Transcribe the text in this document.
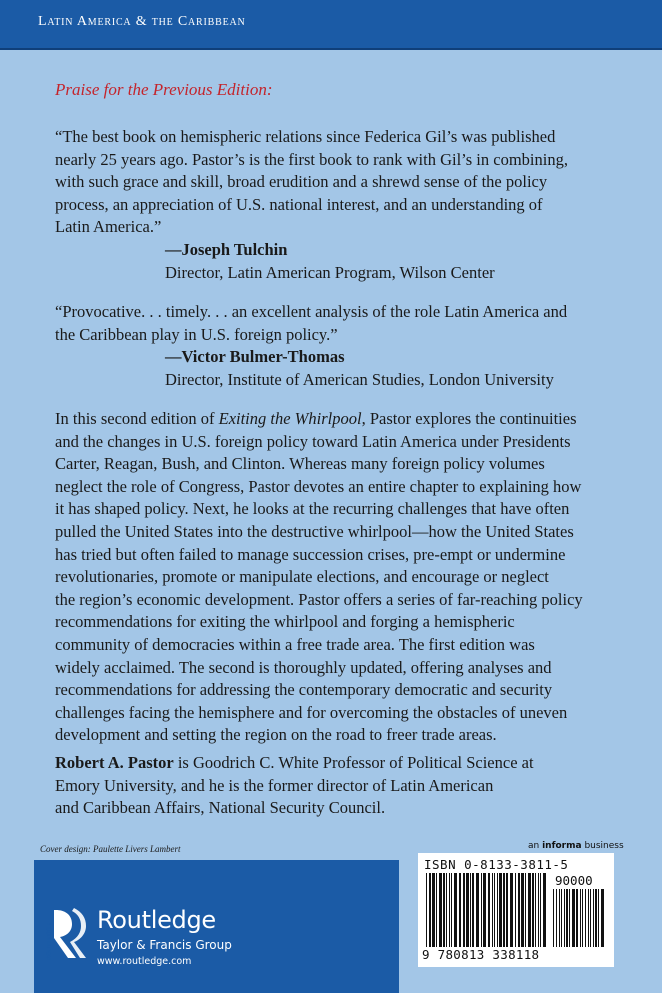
Latin America & the Caribbean
Praise for the Previous Edition:

“The best book on hemispheric relations since Federica Gil’s was published

nearly 25 years ago. Pastor’s is the first book to rank with Gil’s in combining,

with such grace and skill, broad erudition and a shrewd sense of the policy

process, an appreciation of U.S. national interest, and an understanding of

Latin America.”

—Joseph Tulchin
Director, Latin American Program, Wilson Center

“Provocative. . . timely. . . an excellent analysis of the role Latin America and

the Caribbean play in U.S. foreign policy.”

—Victor Bulmer-Thomas
Director, Institute of American Studies, London University

In this second edition of Exiting the Whirlpool, Pastor explores the continuities

and the changes in U.S. foreign policy toward Latin America under Presidents

Carter, Reagan, Bush, and Clinton. Whereas many foreign policy volumes

neglect the role of Congress, Pastor devotes an entire chapter to explaining how

it has shaped policy. Next, he looks at the recurring challenges that have often

pulled the United States into the destructive whirlpool—how the United States

has tried but often failed to manage succession crises, pre-empt or undermine

revolutionaries, promote or manipulate elections, and encourage or neglect

the region’s economic development. Pastor offers a series of far-reaching policy

recommendations for exiting the whirlpool and forging a hemispheric

community of democracies within a free trade area. The first edition was

widely acclaimed. The second is thoroughly updated, offering analyses and

recommendations for addressing the contemporary democratic and security

challenges facing the hemisphere and for overcoming the obstacles of uneven

development and setting the region on the road to freer trade areas.

Robert A. Pastor is Goodrich C. White Professor of Political Science at

Emory University, and he is the former director of Latin American

and Caribbean Affairs, National Security Council.

Cover design: Paulette Livers Lambert
ROUTLEDGE
Routledge
Taylor & Francis Group
www.routledge.com
an informa business
ISBN 0-8133-3811-5
90000
9 780813 338118
